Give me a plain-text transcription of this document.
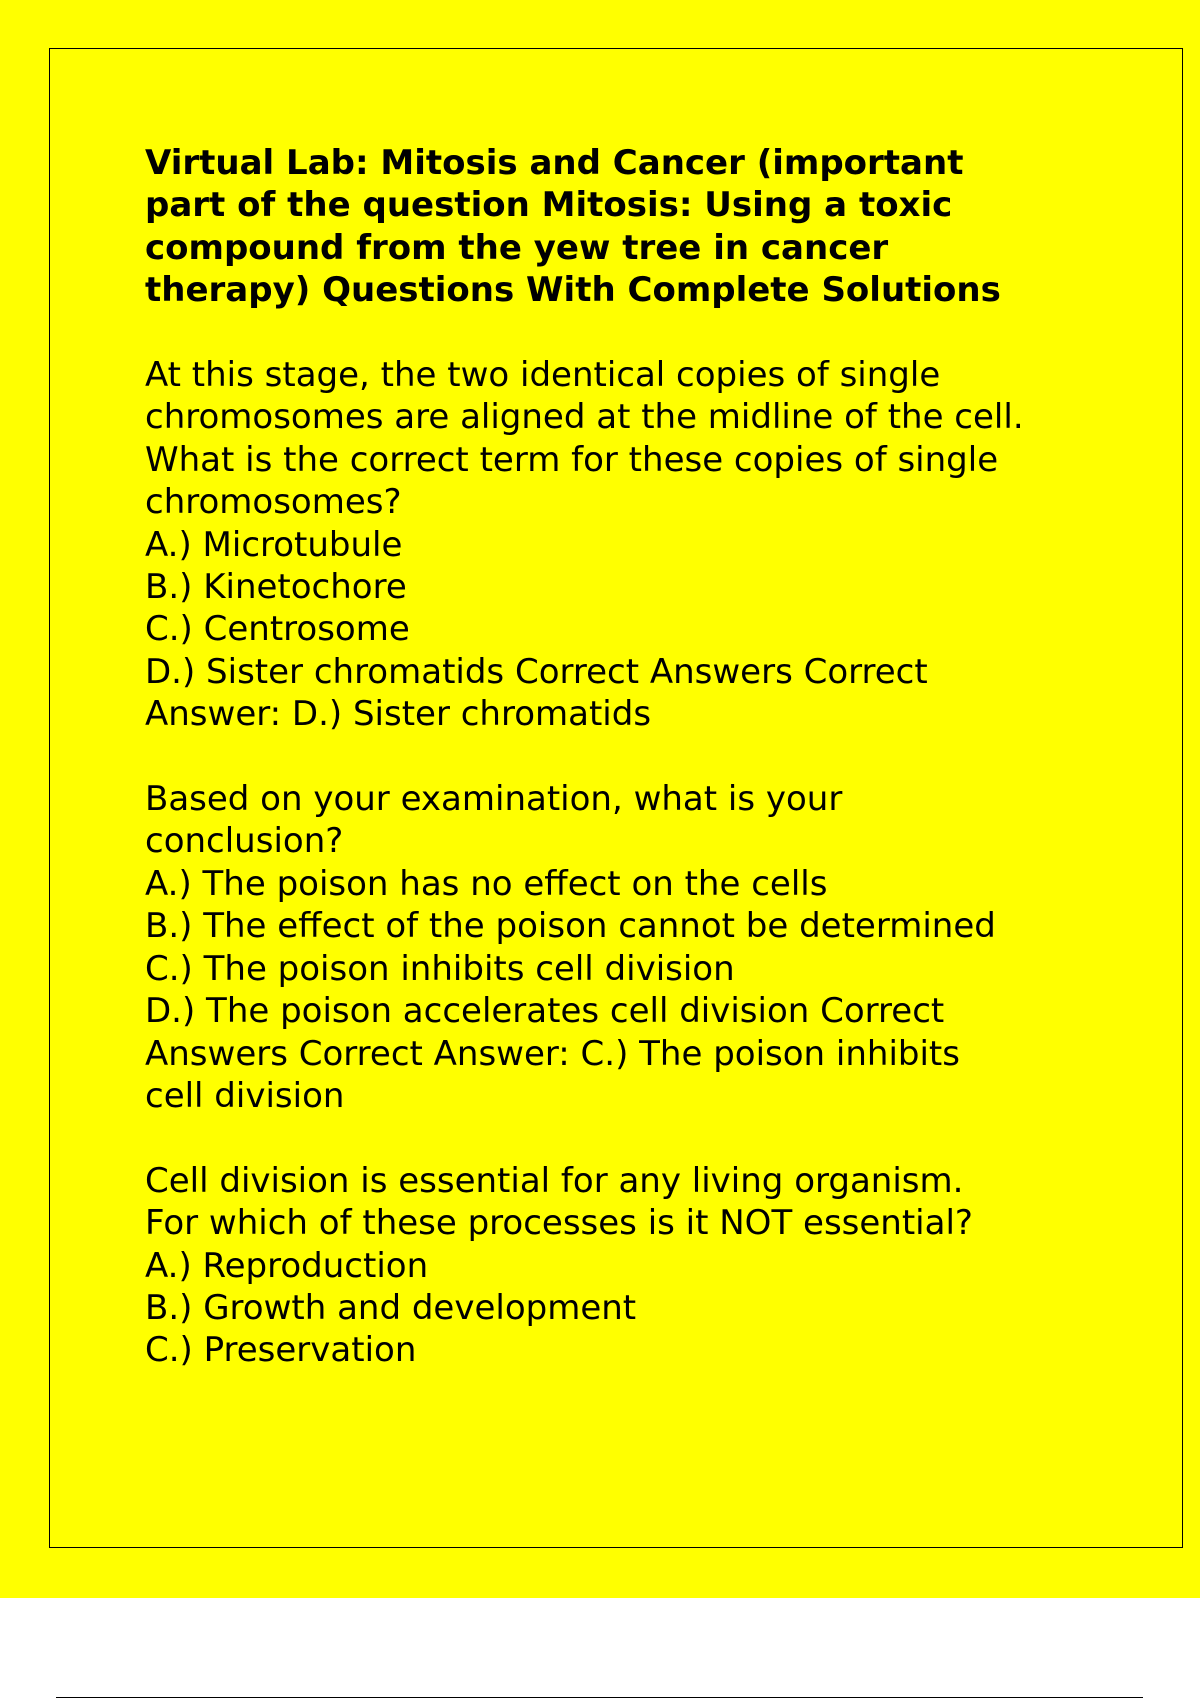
Virtual Lab: Mitosis and Cancer (important
part of the question Mitosis: Using a toxic
compound from the yew tree in cancer
therapy) Questions With Complete Solutions
At this stage, the two identical copies of single
chromosomes are aligned at the midline of the cell.
What is the correct term for these copies of single
chromosomes?
A.) Microtubule
B.) Kinetochore
C.) Centrosome
D.) Sister chromatids Correct Answers Correct
Answer: D.) Sister chromatids
Based on your examination, what is your
conclusion?
A.) The poison has no effect on the cells
B.) The effect of the poison cannot be determined
C.) The poison inhibits cell division
D.) The poison accelerates cell division Correct
Answers Correct Answer: C.) The poison inhibits
cell division
Cell division is essential for any living organism.
For which of these processes is it NOT essential?
A.) Reproduction
B.) Growth and development
C.) Preservation
